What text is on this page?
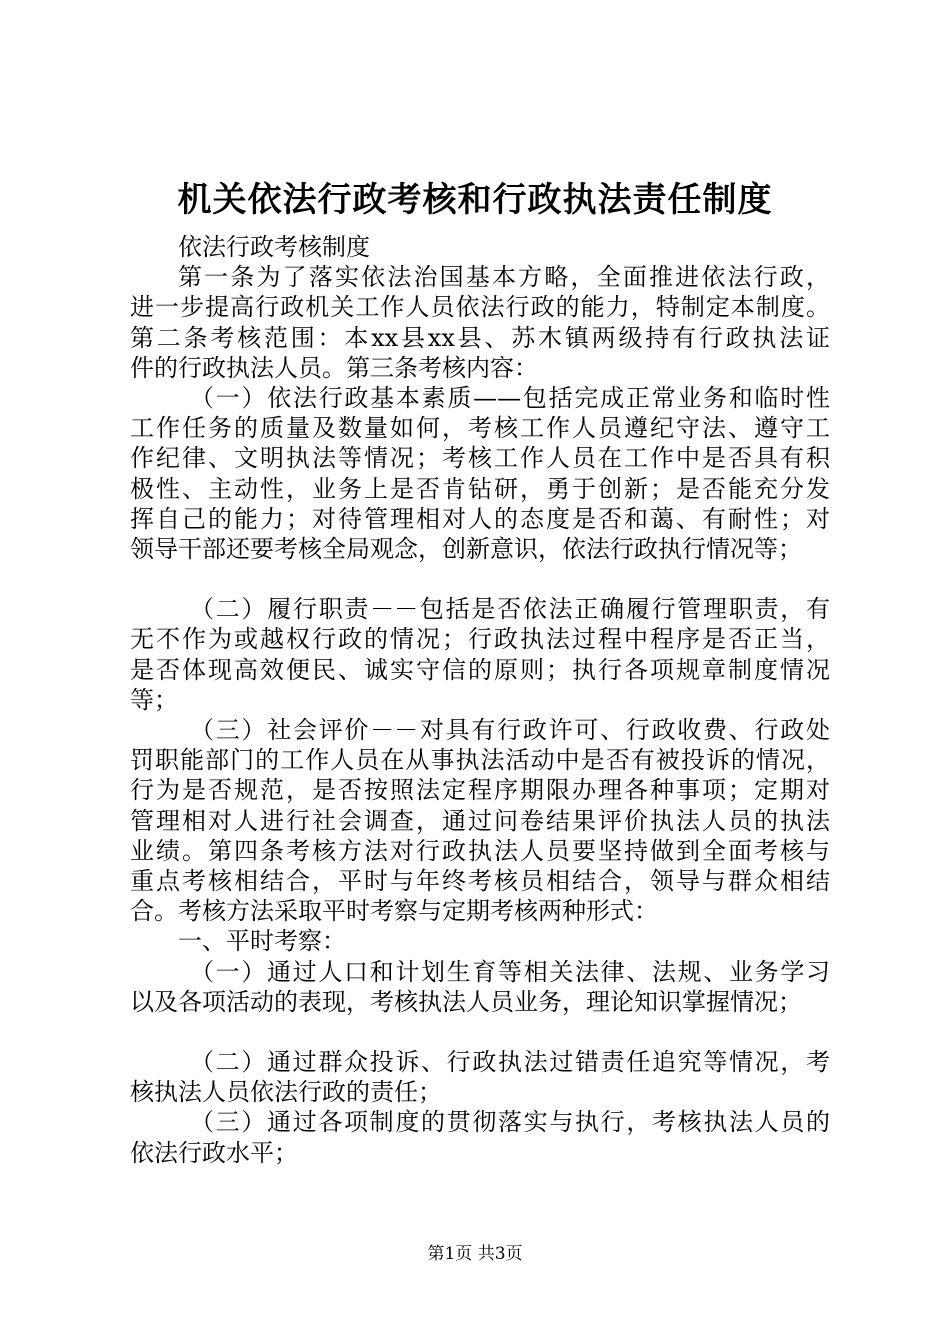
机关依法行政考核和行政执法责任制度
依法行政考核制度
第一条为了落实依法治国基本方略，全面推进依法行政，
进一步提高行政机关工作人员依法行政的能力，特制定本制度。
第二条考核范围：本xx县xx县、苏木镇两级持有行政执法证
件的行政执法人员。第三条考核内容：
（一）依法行政基本素质——包括完成正常业务和临时性
工作任务的质量及数量如何，考核工作人员遵纪守法、遵守工
作纪律、文明执法等情况；考核工作人员在工作中是否具有积
极性、主动性，业务上是否肯钻研，勇于创新；是否能充分发
挥自己的能力；对待管理相对人的态度是否和蔼、有耐性；对
领导干部还要考核全局观念，创新意识，依法行政执行情况等；
（二）履行职责－－包括是否依法正确履行管理职责，有
无不作为或越权行政的情况；行政执法过程中程序是否正当，
是否体现高效便民、诚实守信的原则；执行各项规章制度情况
等；
（三）社会评价－－对具有行政许可、行政收费、行政处
罚职能部门的工作人员在从事执法活动中是否有被投诉的情况，
行为是否规范，是否按照法定程序期限办理各种事项；定期对
管理相对人进行社会调查，通过问卷结果评价执法人员的执法
业绩。第四条考核方法对行政执法人员要坚持做到全面考核与
重点考核相结合，平时与年终考核员相结合，领导与群众相结
合。考核方法采取平时考察与定期考核两种形式：
一、平时考察：
（一）通过人口和计划生育等相关法律、法规、业务学习
以及各项活动的表现，考核执法人员业务，理论知识掌握情况；
（二）通过群众投诉、行政执法过错责任追究等情况，考
核执法人员依法行政的责任；
（三）通过各项制度的贯彻落实与执行，考核执法人员的
依法行政水平；
第1页 共3页
